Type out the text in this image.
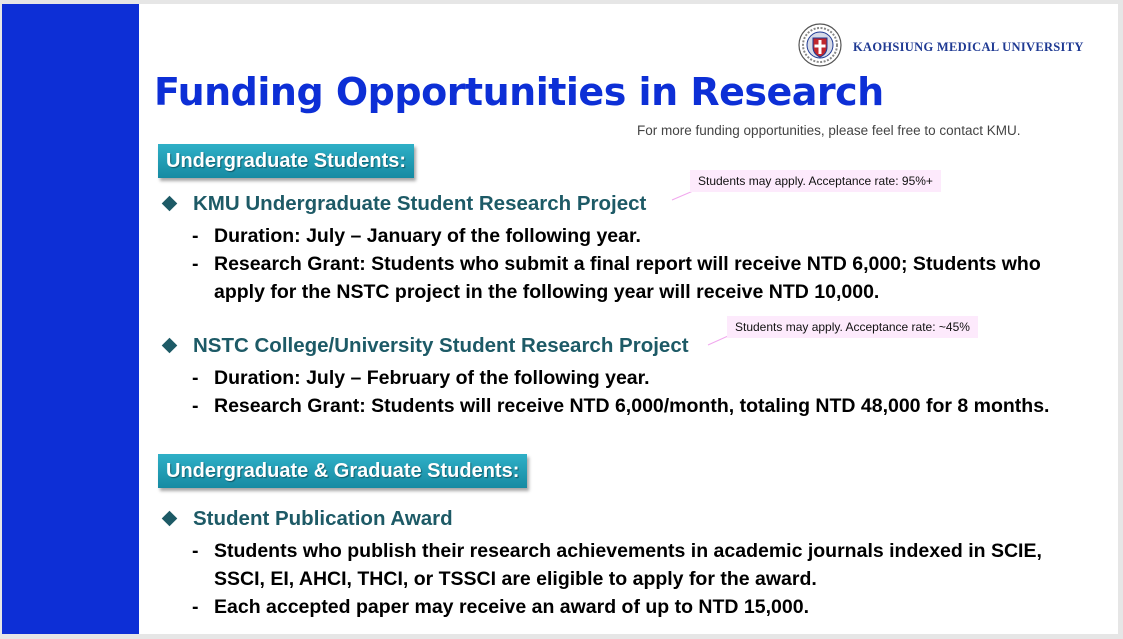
KAOHSIUNG MEDICAL UNIVERSITY
Funding Opportunities in Research
For more funding opportunities, please feel free to contact KMU.
Undergraduate Students:
Students may apply. Acceptance rate: 95%+
KMU Undergraduate Student Research Project
- Duration: July – January of the following year.
- Research Grant: Students who submit a final report will receive NTD 6,000; Students who apply for the NSTC project in the following year will receive NTD 10,000.
Students may apply. Acceptance rate: ~45%
NSTC College/University Student Research Project
- Duration: July – February of the following year.
- Research Grant: Students will receive NTD 6,000/month, totaling NTD 48,000 for 8 months.
Undergraduate & Graduate Students:
Student Publication Award
- Students who publish their research achievements in academic journals indexed in SCIE, SSCI, EI, AHCI, THCI, or TSSCI are eligible to apply for the award.
- Each accepted paper may receive an award of up to NTD 15,000.
